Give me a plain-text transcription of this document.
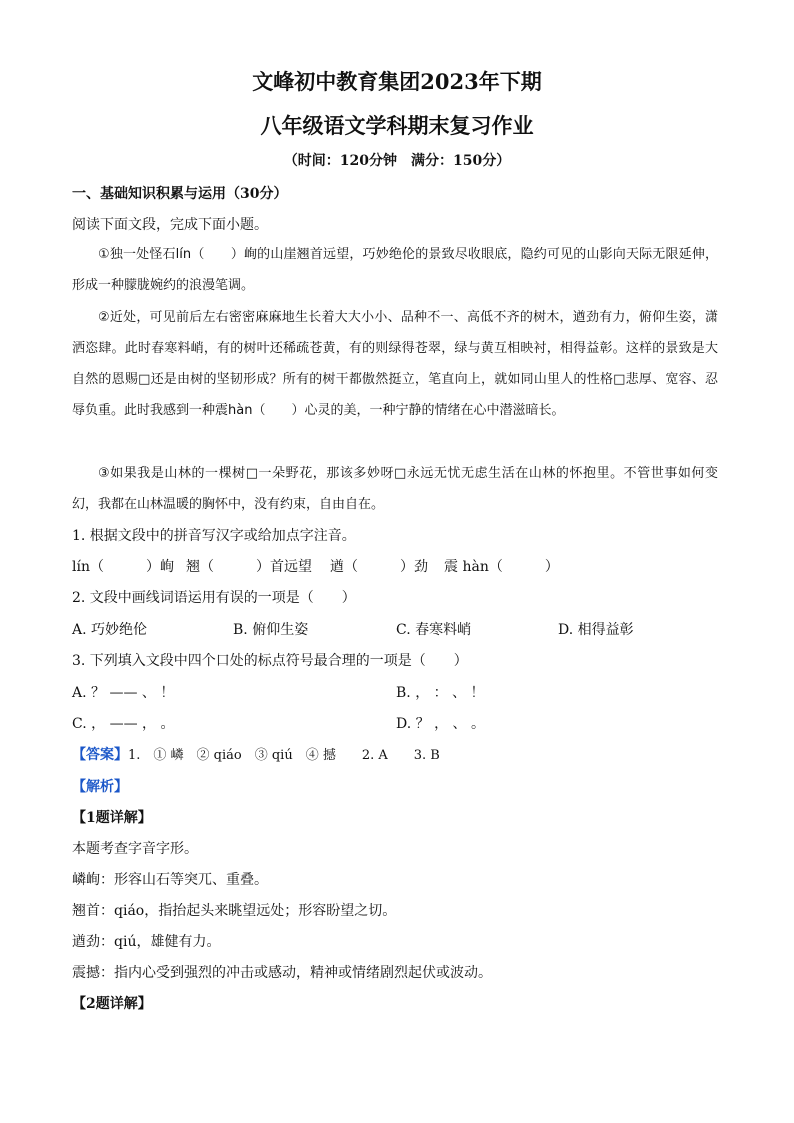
文峰初中教育集团2023年下期
八年级语文学科期末复习作业
（时间：120分钟　满分：150分）
一、基础知识积累与运用（30分）
阅读下面文段，完成下面小题。
①独一处怪石lín（　　）峋的山崖翘首远望，巧妙绝伦的景致尽收眼底，隐约可见的山影向天际无限延伸，形成一种朦胧婉约的浪漫笔调。
②近处，可见前后左右密密麻麻地生长着大大小小、品种不一、高低不齐的树木，遒劲有力，俯仰生姿，潇洒恣肆。此时春寒料峭，有的树叶还稀疏苍黄，有的则绿得苍翠，绿与黄互相映衬，相得益彰。这样的景致是大自然的恩赐□还是由树的坚韧形成？所有的树干都傲然挺立，笔直向上，就如同山里人的性格□悲厚、宽容、忍辱负重。此时我感到一种震hàn（　　）心灵的美，一种宁静的情绪在心中潜滋暗长。
③如果我是山林的一棵树□一朵野花，那该多妙呀□永远无忧无虑生活在山林的怀抱里。不管世事如何变幻，我都在山林温暖的胸怀中，没有约束，自由自在。
1. 根据文段中的拼音写汉字或给加点字注音。
lín（　　　）峋 翘（　　　）首远望 遒（　　　）劲 震 hàn（　　　）
2. 文段中画线词语运用有误的一项是（　　）
A. 巧妙绝伦	B. 俯仰生姿	C. 春寒料峭	D. 相得益彰
3. 下列填入文段中四个口处的标点符号最合理的一项是（　　）
A. ？ —— 、 ！	B. ， ： 、 ！
C. ， —— ， 。	D. ？ ， 、 。
【答案】1.　① 嶙　② qiáo　③ qiú　④ 撼　　2. A　　3. B
【解析】
【1题详解】
本题考查字音字形。
嶙峋：形容山石等突兀、重叠。
翘首：qiáo，指抬起头来眺望远处；形容盼望之切。
遒劲：qiú，雄健有力。
震撼：指内心受到强烈的冲击或感动，精神或情绪剧烈起伏或波动。
【2题详解】
